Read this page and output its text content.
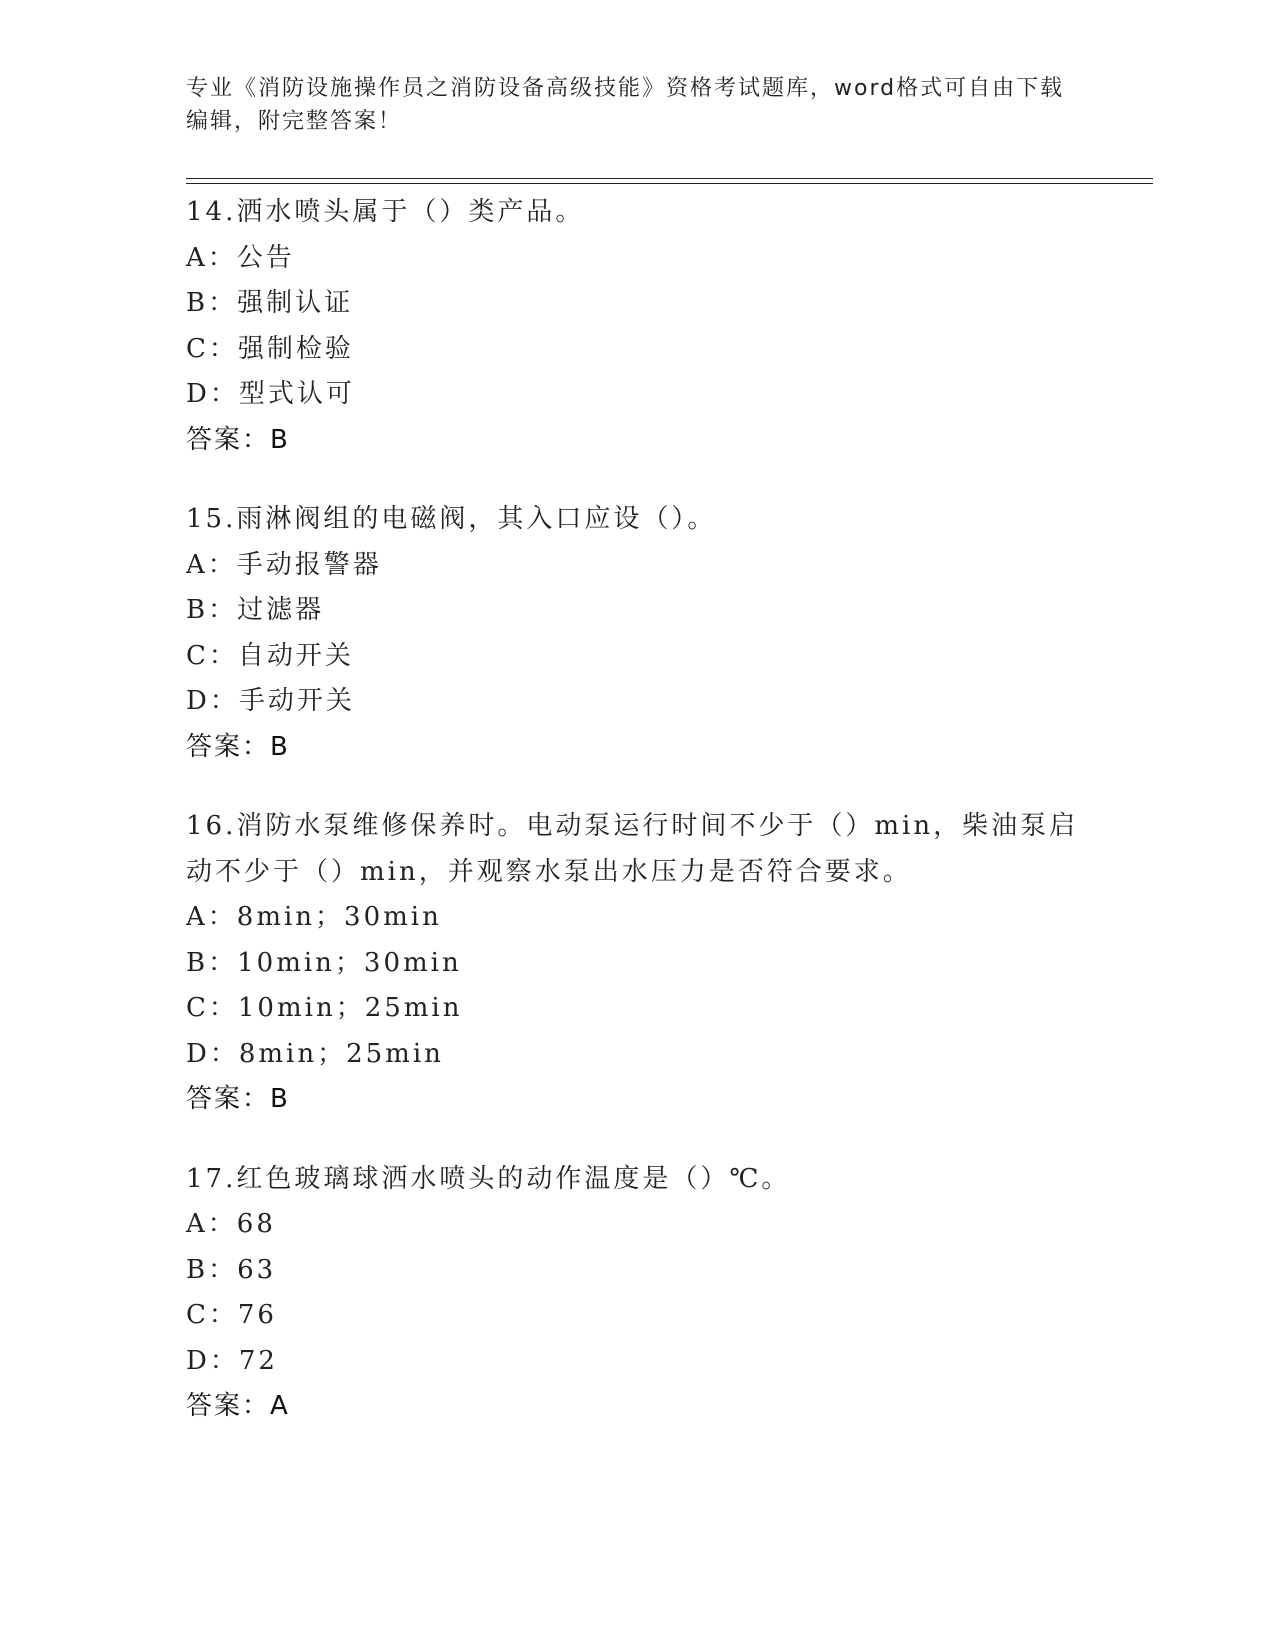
专业《消防设施操作员之消防设备高级技能》资格考试题库，word格式可自由下载编辑，附完整答案！
14.洒水喷头属于（）类产品。
A：公告
B：强制认证
C：强制检验
D：型式认可
答案：B
15.雨淋阀组的电磁阀，其入口应设（）。
A：手动报警器
B：过滤器
C：自动开关
D：手动开关
答案：B
16.消防水泵维修保养时。电动泵运行时间不少于（）min，柴油泵启
动不少于（）min，并观察水泵出水压力是否符合要求。
A：8min；30min
B：10min；30min
C：10min；25min
D：8min；25min
答案：B
17.红色玻璃球洒水喷头的动作温度是（）℃。
A：68
B：63
C：76
D：72
答案：A
